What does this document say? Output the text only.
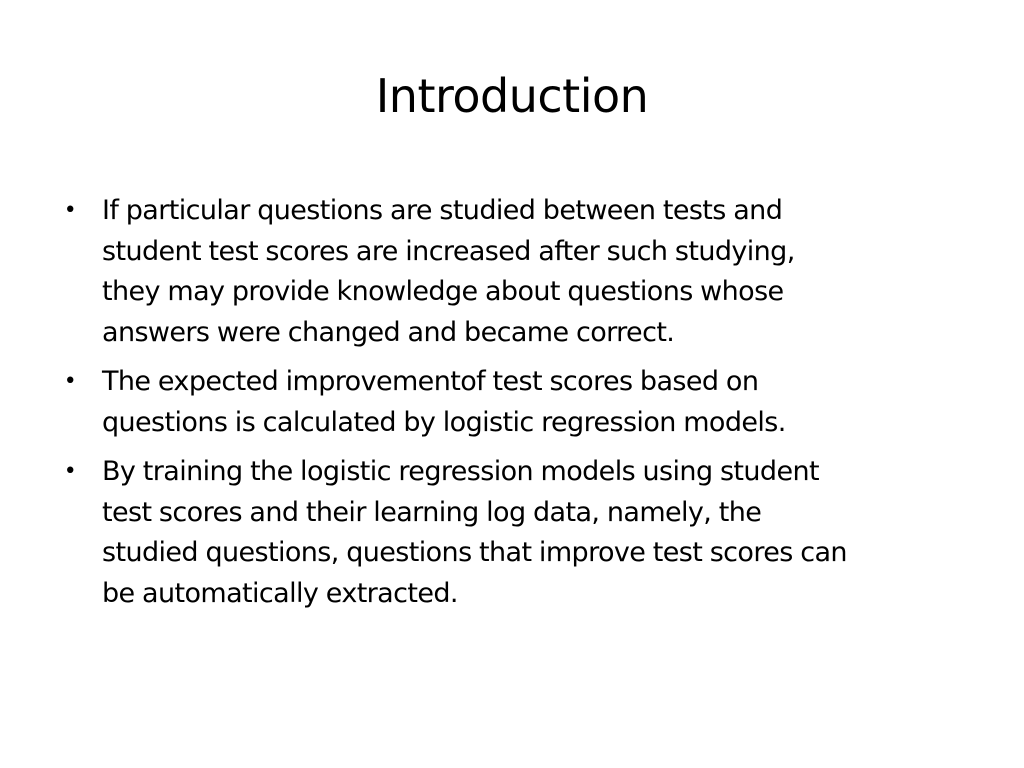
Introduction
• If particular questions are studied between tests and
student test scores are increased after such studying,
they may provide knowledge about questions whose
answers were changed and became correct.
• The expected improvementof test scores based on
questions is calculated by logistic regression models.
• By training the logistic regression models using student
test scores and their learning log data, namely, the
studied questions, questions that improve test scores can
be automatically extracted.
